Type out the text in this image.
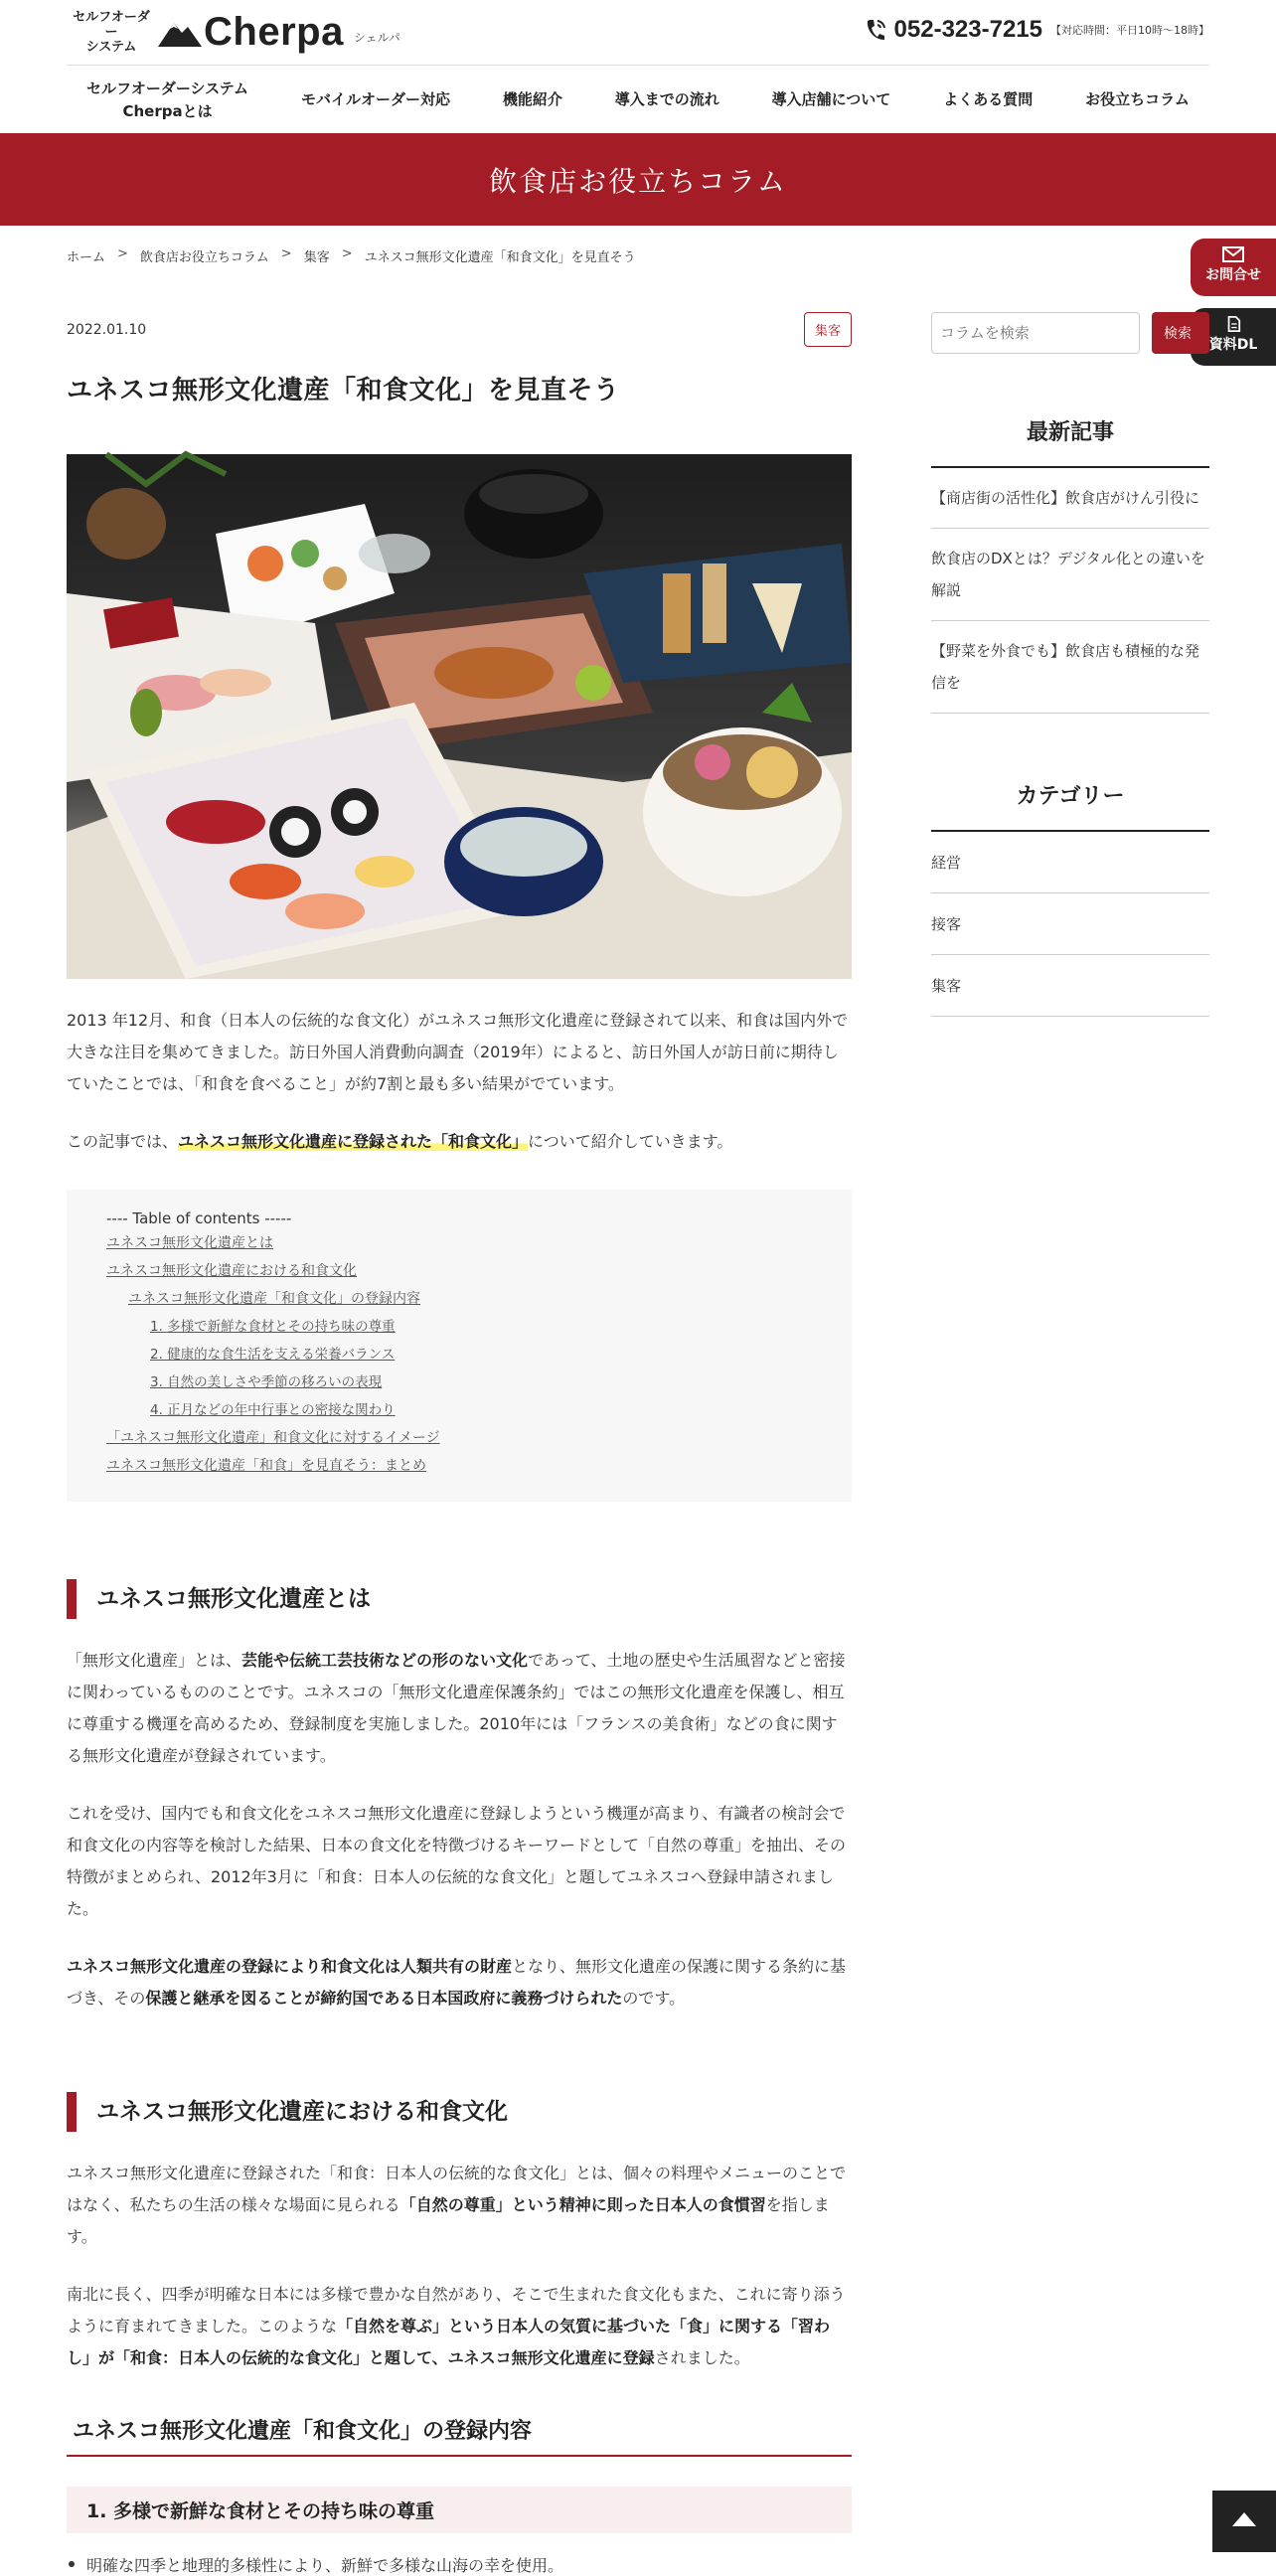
セルフオーダー
システム	Cherpa シェルパ	052-323-7215 【対応時間：平日10時～18時】
セルフオーダーシステム
Cherpaとは
モバイルオーダー対応	機能紹介	導入までの流れ	導入店舗について	よくある質問	お役立ちコラム
飲食店お役立ちコラム
ホーム > 飲食店お役立ちコラム > 集客 > ユネスコ無形文化遺産「和食文化」を見直そう
お問合せ
資料DL
2022.01.10	集客
ユネスコ無形文化遺産「和食文化」を見直そう

2013 年12月、和食（日本人の伝統的な食文化）がユネスコ無形文化遺産に登録されて以来、和食は国内外で大きな注目を集めてきました。訪日外国人消費動向調査（2019年）によると、訪日外国人が訪日前に期待していたことでは、「和食を食べること」が約7割と最も多い結果がでています。

この記事では、ユネスコ無形文化遺産に登録された「和食文化」について紹介していきます。

---- Table of contents -----
ユネスコ無形文化遺産とは
ユネスコ無形文化遺産における和食文化
ユネスコ無形文化遺産「和食文化」の登録内容
1. 多様で新鮮な食材とその持ち味の尊重
2. 健康的な食生活を支える栄養バランス
3. 自然の美しさや季節の移ろいの表現
4. 正月などの年中行事との密接な関わり
「ユネスコ無形文化遺産」和食文化に対するイメージ
ユネスコ無形文化遺産「和食」を見直そう：まとめ
ユネスコ無形文化遺産とは

「無形文化遺産」とは、芸能や伝統工芸技術などの形のない文化であって、土地の歴史や生活風習などと密接に関わっているもののことです。ユネスコの「無形文化遺産保護条約」ではこの無形文化遺産を保護し、相互に尊重する機運を高めるため、登録制度を実施しました。2010年には「フランスの美食術」などの食に関する無形文化遺産が登録されています。

これを受け、国内でも和食文化をユネスコ無形文化遺産に登録しようという機運が高まり、有識者の検討会で和食文化の内容等を検討した結果、日本の食文化を特徴づけるキーワードとして「自然の尊重」を抽出、その特徴がまとめられ、2012年3月に「和食：日本人の伝統的な食文化」と題してユネスコへ登録申請されました。

ユネスコ無形文化遺産の登録により和食文化は人類共有の財産となり、無形文化遺産の保護に関する条約に基づき、その保護と継承を図ることが締約国である日本国政府に義務づけられたのです。

ユネスコ無形文化遺産における和食文化

ユネスコ無形文化遺産に登録された「和食：日本人の伝統的な食文化」とは、個々の料理やメニューのことではなく、私たちの生活の様々な場面に見られる「自然の尊重」という精神に則った日本人の食慣習を指します。

南北に長く、四季が明確な日本には多様で豊かな自然があり、そこで生まれた食文化もまた、これに寄り添うように育まれてきました。このような「自然を尊ぶ」という日本人の気質に基づいた「食」に関する「習わし」が「和食：日本人の伝統的な食文化」と題して、ユネスコ無形文化遺産に登録されました。

ユネスコ無形文化遺産「和食文化」の登録内容
1. 多様で新鮮な食材とその持ち味の尊重
明確な四季と地理的多様性により、新鮮で多様な山海の幸を使用。
コラムを検索
検索
最新記事
【商店街の活性化】飲食店がけん引役に
飲食店のDXとは？デジタル化との違いを解説
【野菜を外食でも】飲食店も積極的な発信を
カテゴリー
経営
接客
集客
